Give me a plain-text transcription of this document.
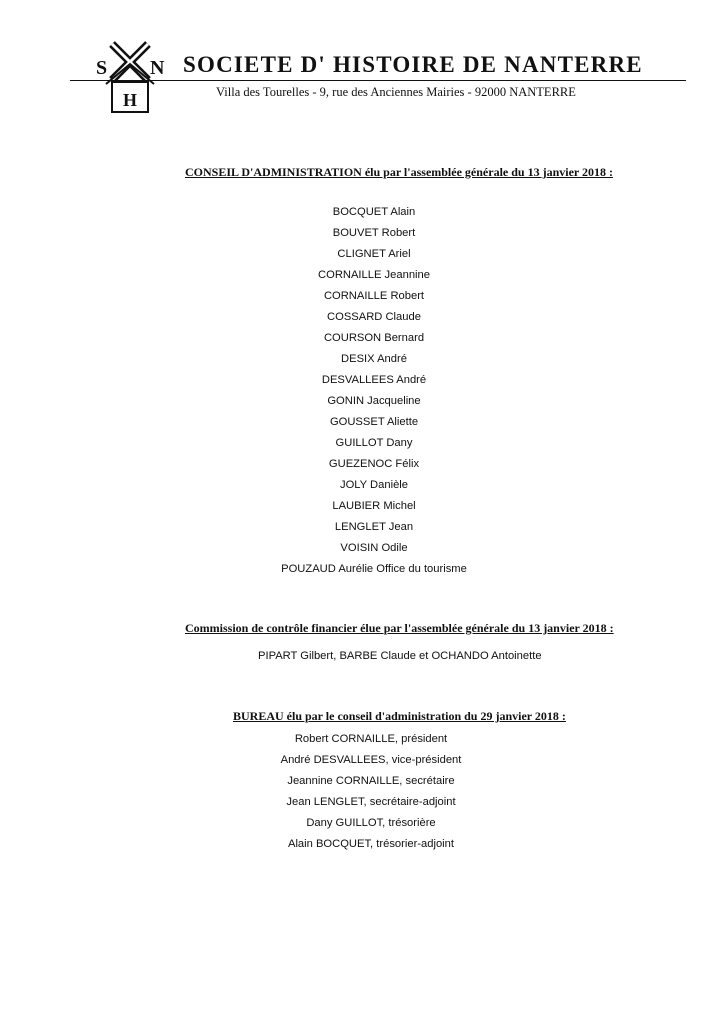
S N
H
SOCIETE D' HISTOIRE DE NANTERRE
Villa des Tourelles - 9, rue des Anciennes Mairies - 92000 NANTERRE
CONSEIL D'ADMINISTRATION élu par l'assemblée générale du 13 janvier 2018 :
BOCQUET Alain
BOUVET Robert
CLIGNET Ariel
CORNAILLE Jeannine
CORNAILLE Robert
COSSARD Claude
COURSON Bernard
DESIX André
DESVALLEES André
GONIN Jacqueline
GOUSSET Aliette
GUILLOT Dany
GUEZENOC Félix
JOLY Danièle
LAUBIER Michel
LENGLET Jean
VOISIN Odile
POUZAUD Aurélie Office du tourisme
Commission de contrôle financier élue par l'assemblée générale du 13 janvier 2018 :
PIPART Gilbert, BARBE Claude et OCHANDO Antoinette
BUREAU élu par le conseil d'administration du 29 janvier 2018 :
Robert CORNAILLE, président
André DESVALLEES, vice-président
Jeannine CORNAILLE, secrétaire
Jean LENGLET, secrétaire-adjoint
Dany GUILLOT, trésorière
Alain BOCQUET, trésorier-adjoint
